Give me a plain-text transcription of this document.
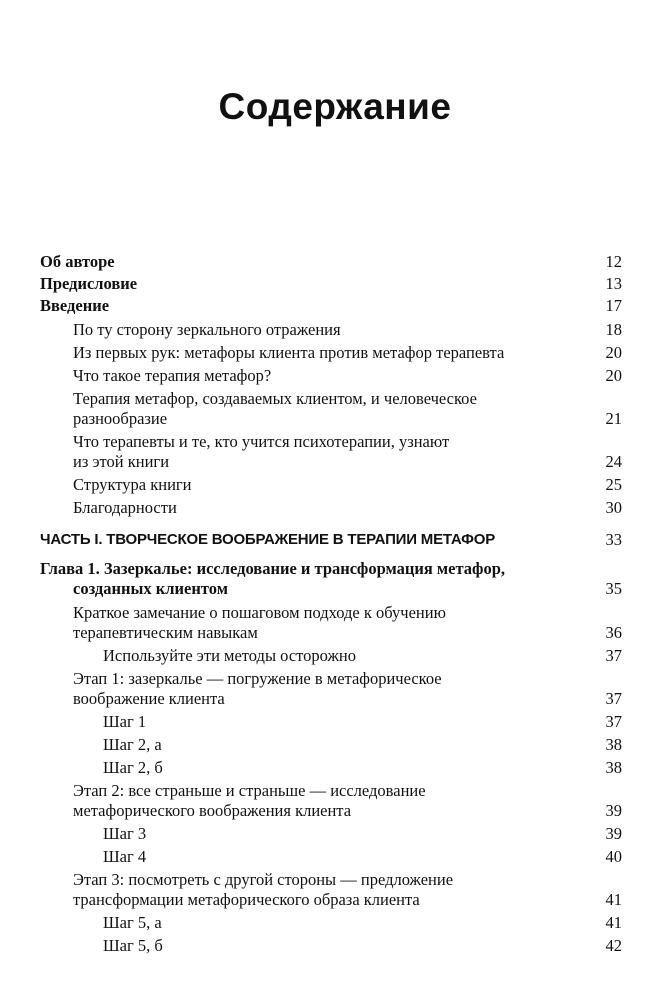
Содержание
Об авторе	12
Предисловие	13
Введение	17
По ту сторону зеркального отражения	18
Из первых рук: метафоры клиента против метафор терапевта	20
Что такое терапия метафор?	20
Терапия метафор, создаваемых клиентом, и человеческое
разнообразие	21
Что терапевты и те, кто учится психотерапии, узнают
из этой книги	24
Структура книги	25
Благодарности	30
ЧАСТЬ I. ТВОРЧЕСКОЕ ВООБРАЖЕНИЕ В ТЕРАПИИ МЕТАФОР	33
Глава 1. Зазеркалье: исследование и трансформация метафор,
созданных клиентом	35
Краткое замечание о пошаговом подходе к обучению
терапевтическим навыкам	36
Используйте эти методы осторожно	37
Этап 1: зазеркалье — погружение в метафорическое
воображение клиента	37
Шаг 1	37
Шаг 2, а	38
Шаг 2, б	38
Этап 2: все страньше и страньше — исследование
метафорического воображения клиента	39
Шаг 3	39
Шаг 4	40
Этап 3: посмотреть с другой стороны — предложение
трансформации метафорического образа клиента	41
Шаг 5, а	41
Шаг 5, б	42
